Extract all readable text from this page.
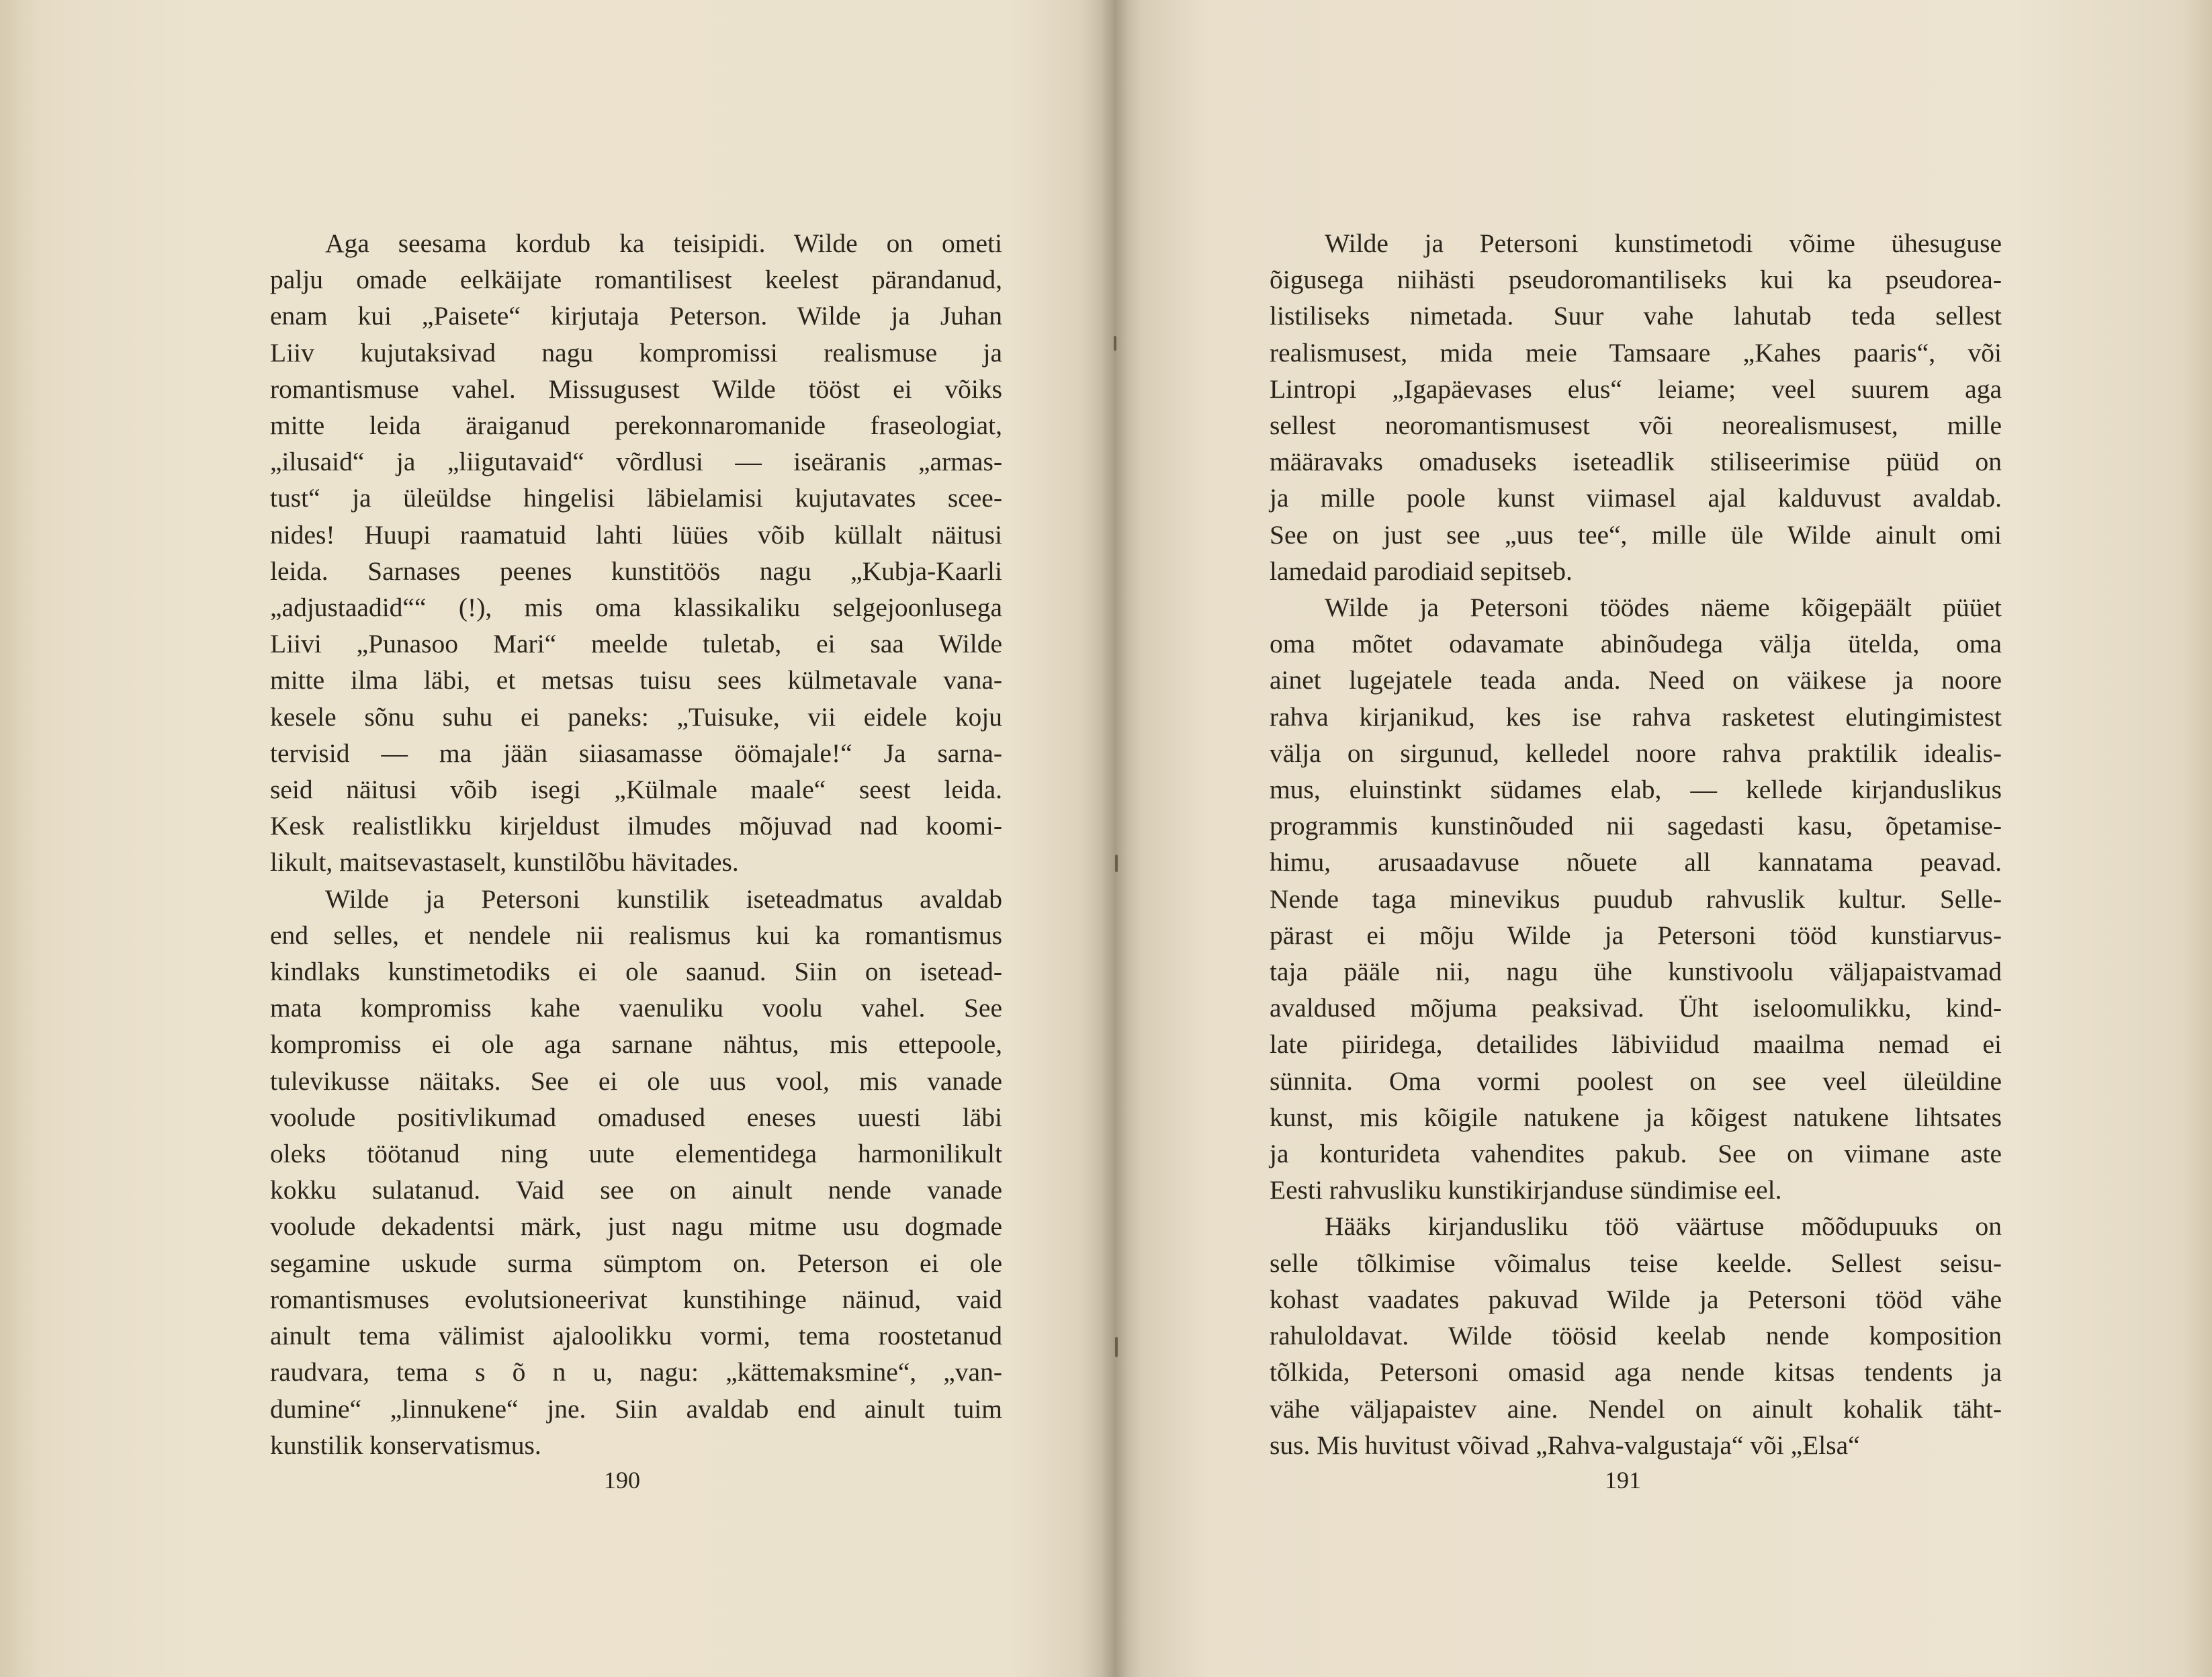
Aga seesama kordub ka teisipidi. Wilde on ometi
palju omade eelkäijate romantilisest keelest pärandanud,
enam kui „Paisete“ kirjutaja Peterson. Wilde ja Juhan
Liiv kujutaksivad nagu kompromissi realismuse ja
romantismuse vahel. Missugusest Wilde tööst ei võiks
mitte leida äraiganud perekonnaromanide fraseologiat,
„ilusaid“ ja „liigutavaid“ võrdlusi — iseäranis „armas-
tust“ ja üleüldse hingelisi läbielamisi kujutavates scee-
nides! Huupi raamatuid lahti lüües võib küllalt näitusi
leida. Sarnases peenes kunstitöös nagu „Kubja-Kaarli
„adjustaadid““ (!), mis oma klassikaliku selgejoonlusega
Liivi „Punasoo Mari“ meelde tuletab, ei saa Wilde
mitte ilma läbi, et metsas tuisu sees külmetavale vana-
kesele sõnu suhu ei paneks: „Tuisuke, vii eidele koju
tervisid — ma jään siiasamasse öömajale!“ Ja sarna-
seid näitusi võib isegi „Külmale maale“ seest leida.
Kesk realistlikku kirjeldust ilmudes mõjuvad nad koomi-
likult, maitsevastaselt, kunstilõbu hävitades.
Wilde ja Petersoni kunstilik iseteadmatus avaldab
end selles, et nendele nii realismus kui ka romantismus
kindlaks kunstimetodiks ei ole saanud. Siin on isetead-
mata kompromiss kahe vaenuliku voolu vahel. See
kompromiss ei ole aga sarnane nähtus, mis ettepoole,
tulevikusse näitaks. See ei ole uus vool, mis vanade
voolude positivlikumad omadused eneses uuesti läbi
oleks töötanud ning uute elementidega harmonilikult
kokku sulatanud. Vaid see on ainult nende vanade
voolude dekadentsi märk, just nagu mitme usu dogmade
segamine uskude surma sümptom on. Peterson ei ole
romantismuses evolutsioneerivat kunstihinge näinud, vaid
ainult tema välimist ajaloolikku vormi, tema roostetanud
raudvara, tema s õ n u, nagu: „kättemaksmine“, „van-
dumine“ „linnukene“ jne. Siin avaldab end ainult tuim
kunstilik konservatismus.
190
Wilde ja Petersoni kunstimetodi võime ühesuguse
õigusega niihästi pseudoromantiliseks kui ka pseudorea-
listiliseks nimetada. Suur vahe lahutab teda sellest
realismusest, mida meie Tamsaare „Kahes paaris“, või
Lintropi „Igapäevases elus“ leiame; veel suurem aga
sellest neoromantismusest või neorealismusest, mille
määravaks omaduseks iseteadlik stiliseerimise püüd on
ja mille poole kunst viimasel ajal kalduvust avaldab.
See on just see „uus tee“, mille üle Wilde ainult omi
lamedaid parodiaid sepitseb.
Wilde ja Petersoni töödes näeme kõigepäält püüet
oma mõtet odavamate abinõudega välja ütelda, oma
ainet lugejatele teada anda. Need on väikese ja noore
rahva kirjanikud, kes ise rahva rasketest elutingimistest
välja on sirgunud, kelledel noore rahva praktilik idealis-
mus, eluinstinkt südames elab, — kellede kirjanduslikus
programmis kunstinõuded nii sagedasti kasu, õpetamise-
himu, arusaadavuse nõuete all kannatama peavad.
Nende taga minevikus puudub rahvuslik kultur. Selle-
pärast ei mõju Wilde ja Petersoni tööd kunstiarvus-
taja pääle nii, nagu ühe kunstivoolu väljapaistvamad
avaldused mõjuma peaksivad. Üht iseloomulikku, kind-
late piiridega, detailides läbiviidud maailma nemad ei
sünnita. Oma vormi poolest on see veel üleüldine
kunst, mis kõigile natukene ja kõigest natukene lihtsates
ja konturideta vahendites pakub. See on viimane aste
Eesti rahvusliku kunstikirjanduse sündimise eel.
Hääks kirjandusliku töö väärtuse mõõdupuuks on
selle tõlkimise võimalus teise keelde. Sellest seisu-
kohast vaadates pakuvad Wilde ja Petersoni tööd vähe
rahuloldavat. Wilde töösid keelab nende komposition
tõlkida, Petersoni omasid aga nende kitsas tendents ja
vähe väljapaistev aine. Nendel on ainult kohalik täht-
sus. Mis huvitust võivad „Rahva-valgustaja“ või „Elsa“
191
